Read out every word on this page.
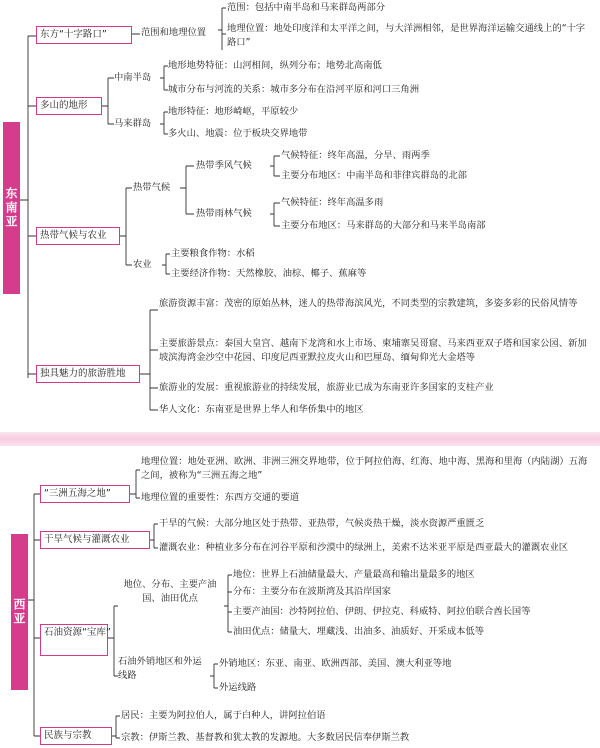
东南亚
西亚
东方“十字路口”
多山的地形
热带气候与农业
独具魅力的旅游胜地
范围和地理位置
范围：包括中南半岛和马来群岛两部分
地理位置：地处印度洋和太平洋之间，与大洋洲相邻，是世界海洋运输交通线上的“十字路口”
中南半岛
地形地势特征：山河相间，纵列分布；地势北高南低
城市分布与河流的关系：城市多分布在沿河平原和河口三角洲
马来群岛
地形特征：地形崎岖，平原较少
多火山、地震：位于板块交界地带
热带气候
热带季风气候
气候特征：终年高温，分旱、雨两季
主要分布地区：中南半岛和菲律宾群岛的北部
热带雨林气候
气候特征：终年高温多雨
主要分布地区：马来群岛的大部分和马来半岛南部
农业
主要粮食作物：水稻
主要经济作物：天然橡胶、油棕、椰子、蕉麻等
旅游资源丰富：茂密的原始丛林，迷人的热带海滨风光，不同类型的宗教建筑，多姿多彩的民俗风情等
主要旅游景点：泰国大皇宫、越南下龙湾和水上市场、柬埔寨吴哥窟、马来西亚双子塔和国家公园、新加坡滨海湾金沙空中花园、印度尼西亚默拉皮火山和巴厘岛、缅甸仰光大金塔等
旅游业的发展：重视旅游业的持续发展，旅游业已成为东南亚许多国家的支柱产业
华人文化：东南亚是世界上华人和华侨集中的地区
“三洲五海之地”
干旱气候与灌溉农业
石油资源“宝库”
民族与宗教
地理位置：地处亚洲、欧洲、非洲三洲交界地带，位于阿拉伯海、红海、地中海、黑海和里海（内陆湖）五海之间，被称为“三洲五海之地”
地理位置的重要性：东西方交通的要道
干旱的气候：大部分地区处于热带、亚热带，气候炎热干燥，淡水资源严重匮乏
灌溉农业：种植业多分布在河谷平原和沙漠中的绿洲上，美索不达米亚平原是西亚最大的灌溉农业区
地位、分布、主要产油国、油田优点
地位：世界上石油储量最大、产量最高和输出量最多的地区
分布：主要分布在波斯湾及其沿岸国家
主要产油国：沙特阿拉伯、伊朗、伊拉克、科威特、阿拉伯联合酋长国等
油田优点：储量大、埋藏浅、出油多、油质好、开采成本低等
石油外销地区和外运线路
外销地区：东亚、南亚、欧洲西部、美国、澳大利亚等地
外运线路
居民：主要为阿拉伯人，属于白种人，讲阿拉伯语
宗教：伊斯兰教、基督教和犹太教的发源地。大多数居民信奉伊斯兰教
